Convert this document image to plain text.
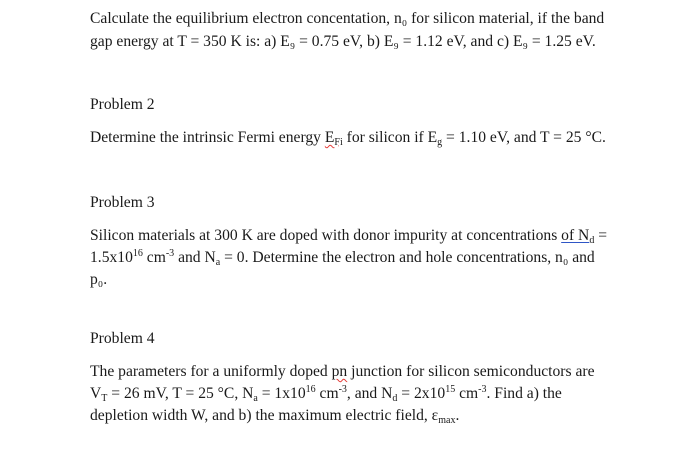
Calculate the equilibrium electron concentation, n₀ for silicon material, if the band
gap energy at T = 350 K is: a) E₉ = 0.75 eV, b) E₉ = 1.12 eV, and c) E₉ = 1.25 eV.
Problem 2
Determine the intrinsic Fermi energy $E_{Fi}$ for silicon if $E_g = 1.10$ eV, and T = 25 °C.
Problem 3
Silicon materials at 300 K are doped with donor impurity at concentrations of $N_d$ =
$1.5x10^{16}$ $cm^{-3}$ and $N_a = 0$. Determine the electron and hole concentrations, n₀ and
p₀.
Problem 4
The parameters for a uniformly doped pn junction for silicon semiconductors are
$V_T = 26$ mV, T = 25 °C, $N_a = 1x10^{16}$ $cm^{-3}$, and $N_d = 2x10^{15}$ $cm^{-3}$. Find a) the
depletion width W, and b) the maximum electric field, $\varepsilon_{max}$.
